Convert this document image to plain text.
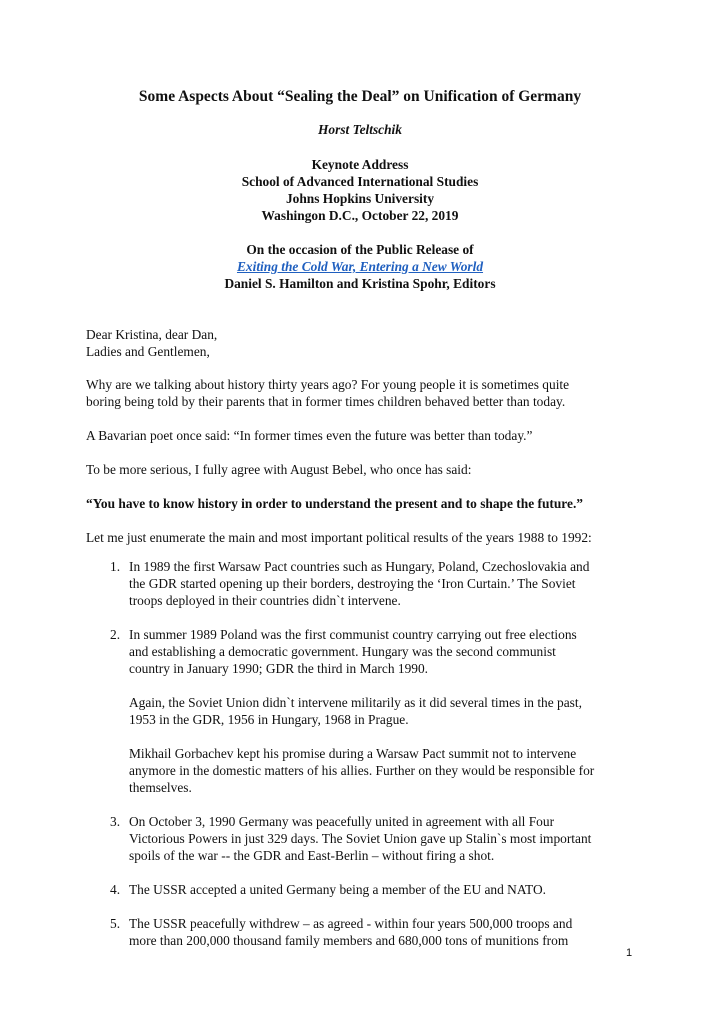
Some Aspects About “Sealing the Deal” on Unification of Germany
Horst Teltschik
Keynote Address
School of Advanced International Studies
Johns Hopkins University
Washingon D.C., October 22, 2019
On the occasion of the Public Release of
Exiting the Cold War, Entering a New World
Daniel S. Hamilton and Kristina Spohr, Editors
Dear Kristina, dear Dan,
Ladies and Gentlemen,
Why are we talking about history thirty years ago? For young people it is sometimes quite
boring being told by their parents that in former times children behaved better than today.
A Bavarian poet once said: “In former times even the future was better than today.”
To be more serious, I fully agree with August Bebel, who once has said:
“You have to know history in order to understand the present and to shape the future.”
Let me just enumerate the main and most important political results of the years 1988 to 1992:
1. In 1989 the first Warsaw Pact countries such as Hungary, Poland, Czechoslovakia and
the GDR started opening up their borders, destroying the ‘Iron Curtain.’ The Soviet
troops deployed in their countries didn`t intervene.
2. In summer 1989 Poland was the first communist country carrying out free elections
and establishing a democratic government. Hungary was the second communist
country in January 1990; GDR the third in March 1990.
Again, the Soviet Union didn`t intervene militarily as it did several times in the past,
1953 in the GDR, 1956 in Hungary, 1968 in Prague.
Mikhail Gorbachev kept his promise during a Warsaw Pact summit not to intervene
anymore in the domestic matters of his allies. Further on they would be responsible for
themselves.
3. On October 3, 1990 Germany was peacefully united in agreement with all Four
Victorious Powers in just 329 days. The Soviet Union gave up Stalin`s most important
spoils of the war -- the GDR and East-Berlin – without firing a shot.
4. The USSR accepted a united Germany being a member of the EU and NATO.
5. The USSR peacefully withdrew – as agreed - within four years 500,000 troops and
more than 200,000 thousand family members and 680,000 tons of munitions from
1
